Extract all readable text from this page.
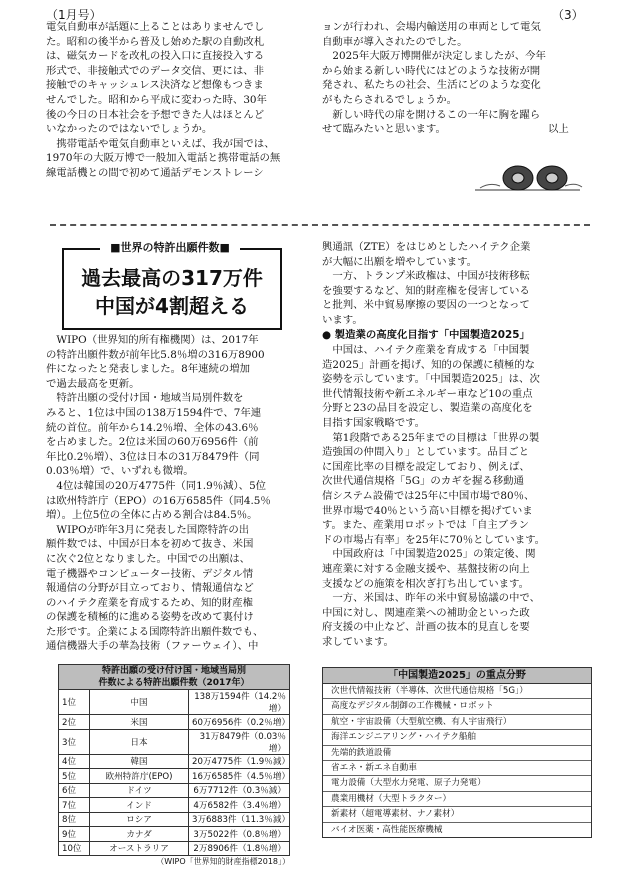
（1月号）	（3）
電気自動車が話題に上ることはありませんでし
た。昭和の後半から普及し始めた駅の自動改札
は、磁気カードを改札の投入口に直接投入する
形式で、非接触式でのデータ交信、更には、非
接触でのキャッシュレス決済など想像もつきま
せんでした。昭和から平成に変わった時、30年
後の今日の日本社会を予想できた人はほとんど
いなかったのではないでしょうか。
　携帯電話や電気自動車といえば、我が国では、
1970年の大阪万博で一般加入電話と携帯電話の無
線電話機との間で初めて通話デモンストレーシ
ョンが行われ、会場内輸送用の車両として電気
自動車が導入されたのでした。
　2025年大阪万博開催が決定しましたが、今年
から始まる新しい時代にはどのような技術が開
発され、私たちの社会、生活にどのような変化
がもたらされるでしょうか。
　新しい時代の扉を開けるこの一年に胸を躍ら
せて臨みたいと思います。	以上
過去最高の317万件
中国が4割超える
■世界の特許出願件数■
　WIPO（世界知的所有権機関）は、2017年
の特許出願件数が前年比5.8％増の316万8900
件になったと発表しました。8年連続の増加
で過去最高を更新。
　特許出願の受付け国・地域当局別件数を
みると、1位は中国の138万1594件で、7年連
続の首位。前年から14.2％増、全体の43.6％
を占めました。2位は米国の60万6956件（前
年比0.2％増）、3位は日本の31万8479件（同
0.03％増）で、いずれも微増。
　4位は韓国の20万4775件（同1.9％減）、5位
は欧州特許庁（EPO）の16万6585件（同4.5％
増）。上位5位の全体に占める割合は84.5％。
　WIPOが昨年3月に発表した国際特許の出
願件数では、中国が日本を初めて抜き、米国
に次ぐ2位となりました。中国での出願は、
電子機器やコンピューター技術、デジタル情
報通信の分野が目立っており、情報通信など
のハイテク産業を育成するため、知的財産権
の保護を積極的に進める姿勢を改めて裏付け
た形です。企業による国際特許出願件数でも、
通信機器大手の華為技術（ファーウェイ）、中
興通訊（ZTE）をはじめとしたハイテク企業
が大幅に出願を増やしています。
　一方、トランプ米政権は、中国が技術移転
を強要するなど、知的財産権を侵害している
と批判、米中貿易摩擦の要因の一つとなって
います。
● 製造業の高度化目指す「中国製造2025」
　中国は、ハイテク産業を育成する「中国製
造2025」計画を掲げ、知的の保護に積極的な
姿勢を示しています。「中国製造2025」は、次
世代情報技術や新エネルギー車など10の重点
分野と23の品目を設定し、製造業の高度化を
目指す国家戦略です。
　第1段階である25年までの目標は「世界の製
造強国の仲間入り」としています。品目ごと
に国産比率の目標を設定しており、例えば、
次世代通信規格「5G」のカギを握る移動通
信システム設備では25年に中国市場で80％、
世界市場で40％という高い目標を掲げていま
す。また、産業用ロボットでは「自主ブラン
ドの市場占有率」を25年に70％としています。
　中国政府は「中国製造2025」の策定後、関
連産業に対する金融支援や、基盤技術の向上
支援などの施策を相次ぎ打ち出しています。
　一方、米国は、昨年の米中貿易協議の中で、
中国に対し、関連産業への補助金といった政
府支援の中止など、計画の抜本的見直しを要
求しています。
特許出願の受け付け国・地域当局別
件数による特許出願件数（2017年）		

1位	中国	138万1594件（14.2％増）
2位	米国	60万6956件（0.2％増）
3位	日本	31万8479件（0.03％増）
4位	韓国	20万4775件（1.9％減）
5位	欧州特許庁(EPO)	16万6585件（4.5％増）
6位	ドイツ	6万7712件（0.3％減）
7位	インド	4万6582件（3.4％増）
8位	ロシア	3万6883件（11.3％減）
9位	カナダ	3万5022件（0.8％増）
10位	オーストラリア	2万8906件（1.8％増）
（WIPO「世界知的財産指標2018」）
「中国製造2025」の重点分野
次世代情報技術（半導体、次世代通信規格「5G」）
高度なデジタル制御の工作機械・ロボット
航空・宇宙設備（大型航空機、有人宇宙飛行）
海洋エンジニアリング・ハイテク船舶
先端的鉄道設備
省エネ・新エネ自動車
電力設備（大型水力発電、原子力発電）
農業用機材（大型トラクター）
新素材（超電導素材、ナノ素材）
バイオ医薬・高性能医療機械
